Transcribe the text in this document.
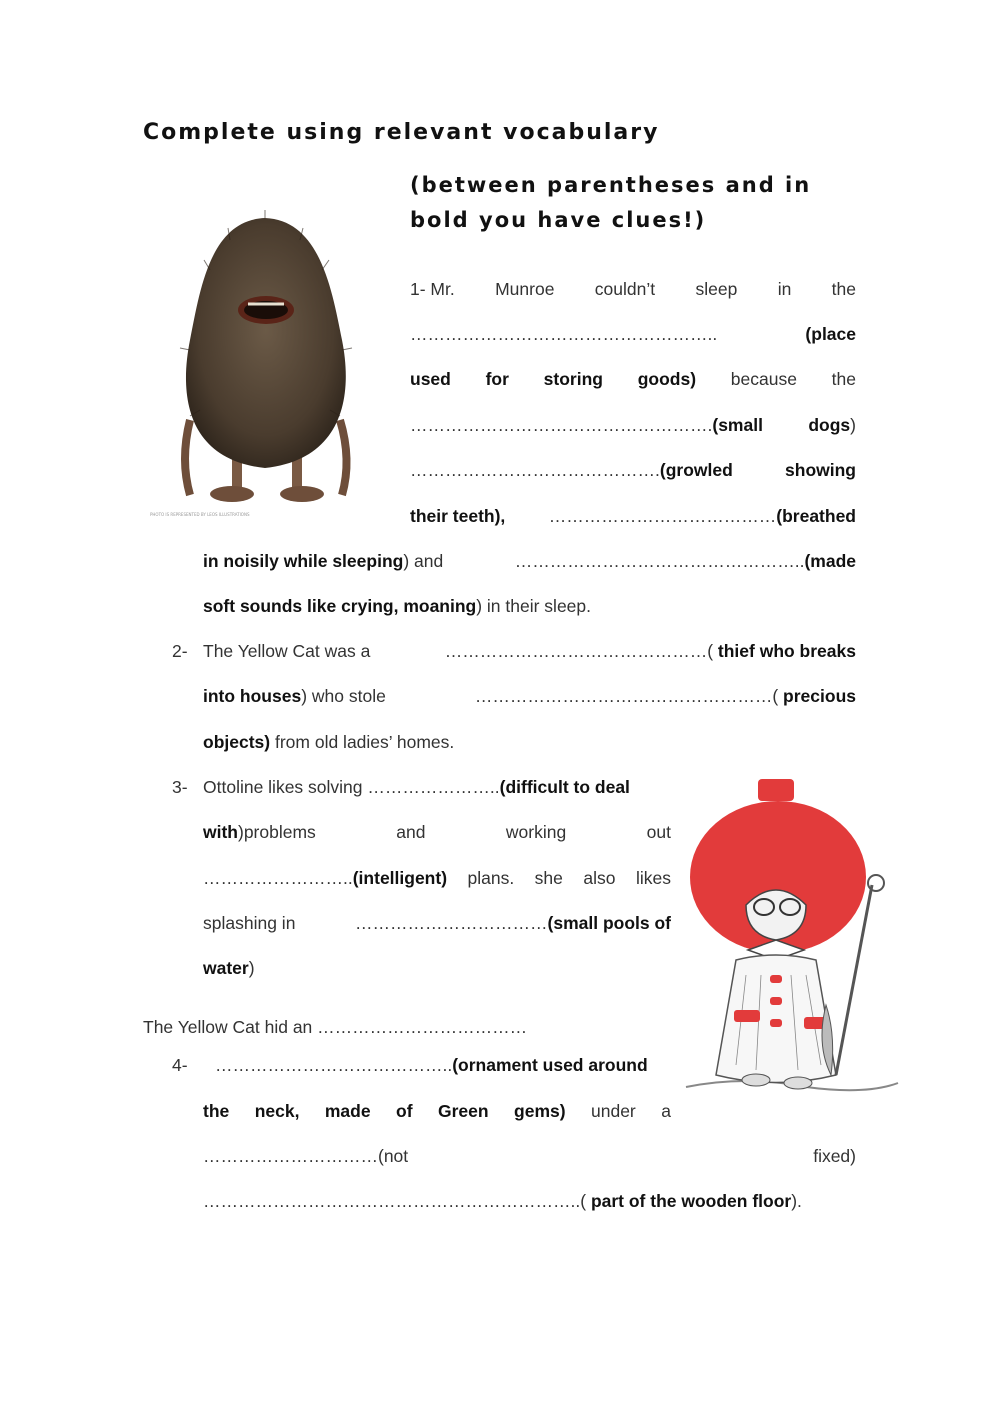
Complete using relevant vocabulary
(between parentheses and in bold you have clues!)
PHOTO IS REPRESENTED BY LEOS ILLUSTRATIONS
1- Mr. Munroe couldn’t sleep in the
……………………………………………..	(place
used for storing goods) because the
…………………………………………….(small	dogs)
…………………………………….(growled	showing
their teeth), …………………………………(breathed
in noisily while sleeping) and	…………………………………………..(made
soft sounds like crying, moaning) in their sleep.
2- The Yellow Cat was a	………………………………………( thief who breaks
into houses) who stole	……………………………………………( precious
objects) from old ladies’ homes.
3- Ottoline likes solving …………………..(difficult to deal
with)problems	and	working	out
……………………..(intelligent) plans. she also likes
splashing in	……………………………(small pools of
water)
The Yellow Cat hid an ………………………………
4- …………………………………..(ornament used around
the neck, made of Green gems) under a
…………………………(not	fixed)
………………………………………………………..( part of the wooden floor).
